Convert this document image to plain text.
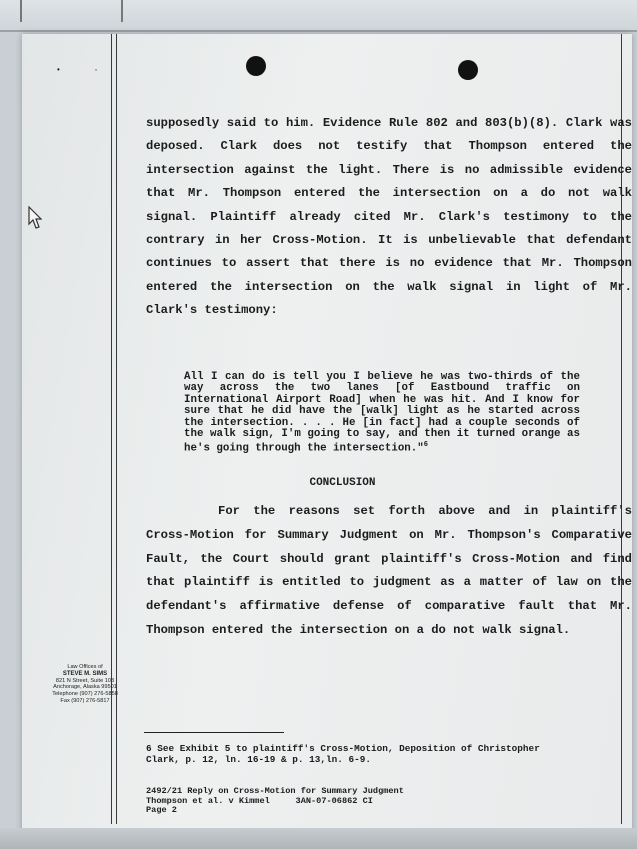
• ·

supposedly said to him. Evidence Rule 802 and 803(b)(8). Clark was deposed. Clark does not testify that Thompson entered the intersection against the light. There is no admissible evidence that Mr. Thompson entered the intersection on a do not walk signal. Plaintiff already cited Mr. Clark's testimony to the contrary in her Cross-Motion. It is unbelievable that defendant continues to assert that there is no evidence that Mr. Thompson entered the intersection on the walk signal in light of Mr. Clark's testimony:

All I can do is tell you I believe he was two-thirds of the way across the two lanes [of Eastbound traffic on International Airport Road] when he was hit. And I know for sure that he did have the [walk] light as he started across the intersection. . . . He [in fact] had a couple seconds of the walk sign, I'm going to say, and then it turned orange as he's going through the intersection."$^6$
CONCLUSION

For the reasons set forth above and in plaintiff's Cross-Motion for Summary Judgment on Mr. Thompson's Comparative Fault, the Court should grant plaintiff's Cross-Motion and find that plaintiff is entitled to judgment as a matter of law on the defendant's affirmative defense of comparative fault that Mr. Thompson entered the intersection on a do not walk signal.

Law Offices of
STEVE M. SIMS
821 N Street, Suite 103
Anchorage, Alaska 99501
Telephone (907) 276-5858
Fax (907) 276-5817
6 See Exhibit 5 to plaintiff's Cross-Motion, Deposition of Christopher Clark, p. 12, ln. 16-19 & p. 13,ln. 6-9.
2492/21 Reply on Cross-Motion for Summary Judgment
Thompson et al. v Kimmel     3AN-07-06862 CI
Page 2
